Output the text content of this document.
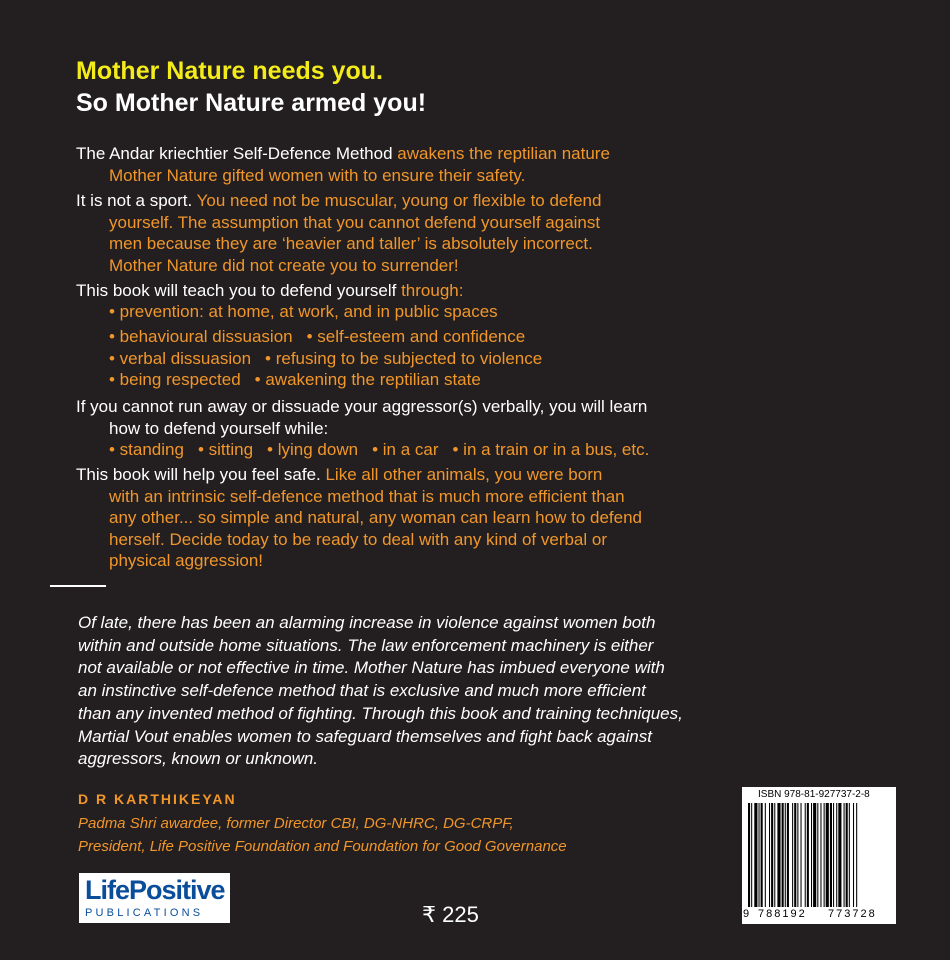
Mother Nature needs you.
So Mother Nature armed you!
The Andar kriechtier Self-Defence Method awakens the reptilian nature
Mother Nature gifted women with to ensure their safety.
It is not a sport. You need not be muscular, young or flexible to defend
yourself. The assumption that you cannot defend yourself against
men because they are ‘heavier and taller’ is absolutely incorrect.
Mother Nature did not create you to surrender!
This book will teach you to defend yourself through:
• prevention: at home, at work, and in public spaces
• behavioural dissuasion • self-esteem and confidence
• verbal dissuasion • refusing to be subjected to violence
• being respected • awakening the reptilian state
If you cannot run away or dissuade your aggressor(s) verbally, you will learn
how to defend yourself while:
• standing • sitting • lying down • in a car • in a train or in a bus, etc.
This book will help you feel safe. Like all other animals, you were born
with an intrinsic self-defence method that is much more efficient than
any other... so simple and natural, any woman can learn how to defend
herself. Decide today to be ready to deal with any kind of verbal or
physical aggression!
Of late, there has been an alarming increase in violence against women both
within and outside home situations. The law enforcement machinery is either
not available or not effective in time. Mother Nature has imbued everyone with
an instinctive self-defence method that is exclusive and much more efficient
than any invented method of fighting. Through this book and training techniques,
Martial Vout enables women to safeguard themselves and fight back against
aggressors, known or unknown.
D R KARTHIKEYAN
Padma Shri awardee, former Director CBI, DG-NHRC, DG-CRPF,
President, Life Positive Foundation and Foundation for Good Governance
LifePositive
PUBLICATIONS	₹ 225
ISBN 978-81-927737-2-8
9 788192 773728
